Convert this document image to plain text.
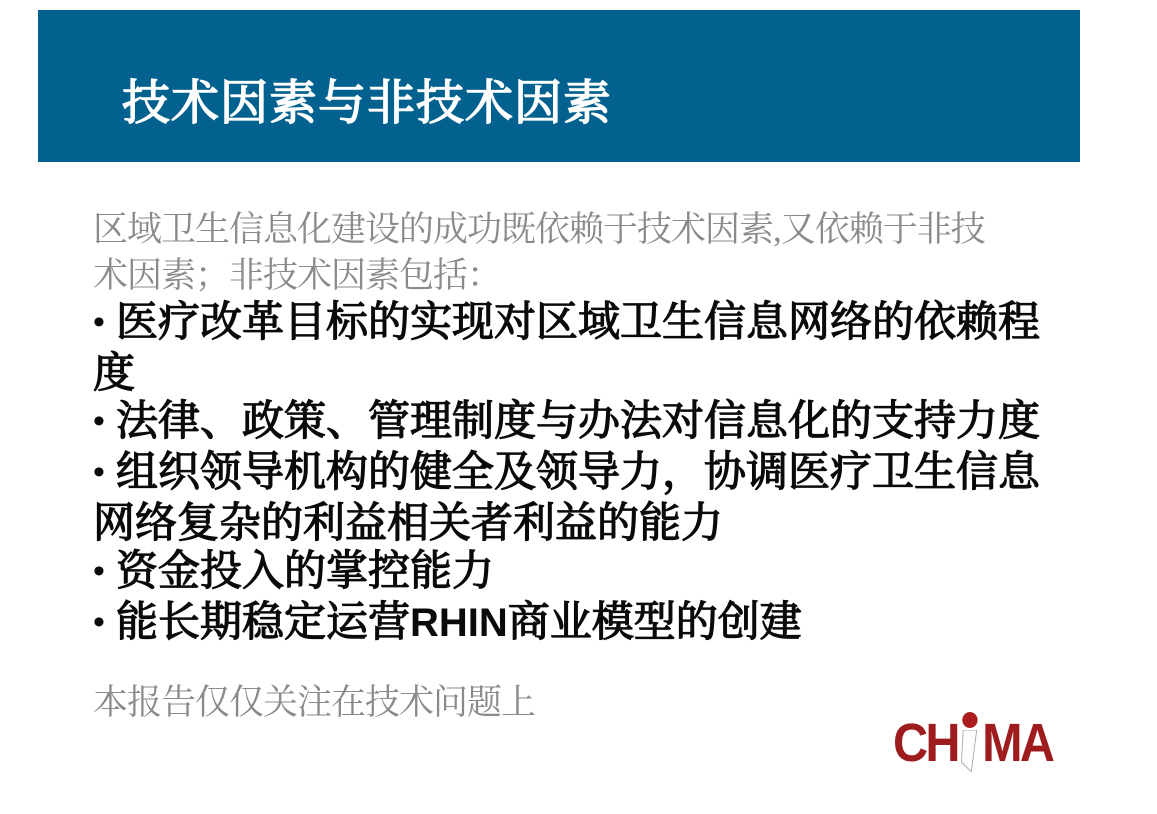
技术因素与非技术因素
区域卫生信息化建设的成功既依赖于技术因素,又依赖于非技
术因素；非技术因素包括：
• 医疗改革目标的实现对区域卫生信息网络的依赖程
度
• 法律、政策、管理制度与办法对信息化的支持力度
• 组织领导机构的健全及领导力，协调医疗卫生信息
网络复杂的利益相关者利益的能力
• 资金投入的掌控能力
• 能长期稳定运营RHIN商业模型的创建
本报告仅仅关注在技术问题上
CH MA
